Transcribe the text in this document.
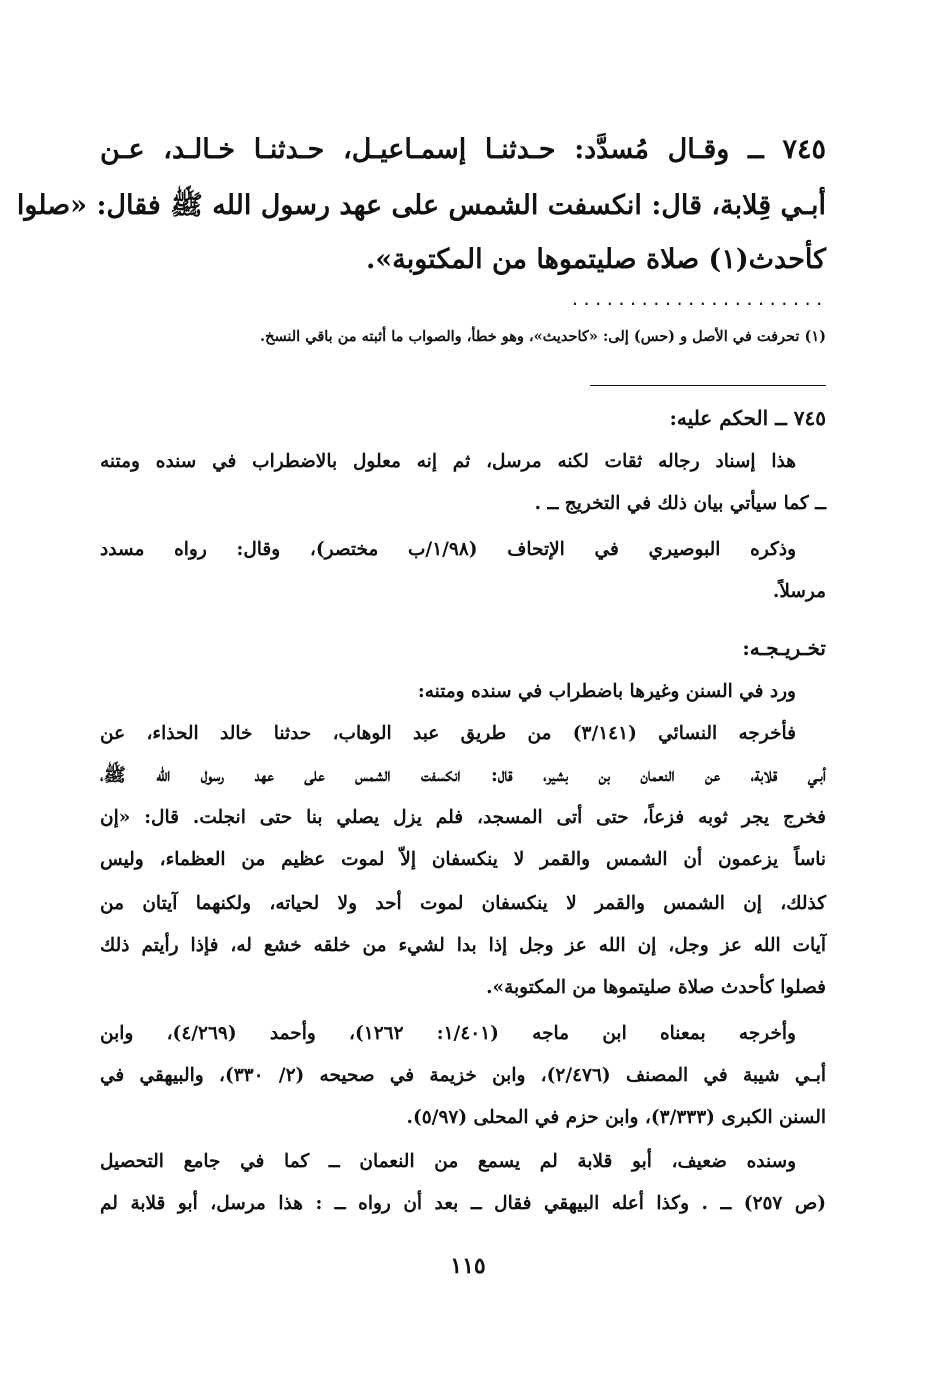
٧٤٥ ــ وقـال مُسدَّد: حـدثنـا إسمـاعيـل، حـدثنـا خـالـد، عـن
أبـي قِلابة، قال: انكسفت الشمس على عهد رسول الله ﷺ فقال: «صلوا
كأحدث(١) صلاة صليتموها من المكتوبة».
......................
(١) تحرفت في الأصل و (حس) إلى: «كاحديث»، وهو خطأ، والصواب ما أثبته من باقي النسخ.
٧٤٥ ــ الحكم عليه:
هذا إسناد رجاله ثقات لكنه مرسل، ثم إنه معلول بالاضطراب في سنده ومتنه
ــ كما سيأتي بيان ذلك في التخريج ــ .
وذكره البوصيري في الإتحاف (١/٩٨/ب مختصر)، وقال: رواه مسدد
مرسلاً.
تخـريـجـه:
ورد في السنن وغيرها باضطراب في سنده ومتنه:
فأخرجه النسائي (٣/١٤١) من طريق عبد الوهاب، حدثنا خالد الحذاء، عن
أبـي قلابة، عن النعمان بن بشير، قال: انكسفت الشمس على عهد رسول الله ﷺ،
فخرج يجر ثوبه فزعاً، حتى أتى المسجد، فلم يزل يصلي بنا حتى انجلت. قال: «إن
ناساً يزعمون أن الشمس والقمر لا ينكسفان إلاّ لموت عظيم من العظماء، وليس
كذلك، إن الشمس والقمر لا ينكسفان لموت أحد ولا لحياته، ولكنهما آيتان من
آيات الله عز وجل، إن الله عز وجل إذا بدا لشيء من خلقه خشع له، فإذا رأيتم ذلك
فصلوا كأحدث صلاة صليتموها من المكتوبة».
وأخرجه بمعناه ابن ماجه (١/٤٠١: ١٢٦٢)، وأحمد (٤/٢٦٩)، وابن
أبـي شيبة في المصنف (٢/٤٧٦)، وابن خزيمة في صحيحه (٢/ ٣٣٠)، والبيهقي في
السنن الكبرى (٣/٣٣٣)، وابن حزم في المحلى (٥/٩٧).
وسنده ضعيف، أبو قلابة لم يسمع من النعمان ــ كما في جامع التحصيل
(ص ٢٥٧) ــ . وكذا أعله البيهقي فقال ــ بعد أن رواه ــ : هذا مرسل، أبو قلابة لم
١١٥
